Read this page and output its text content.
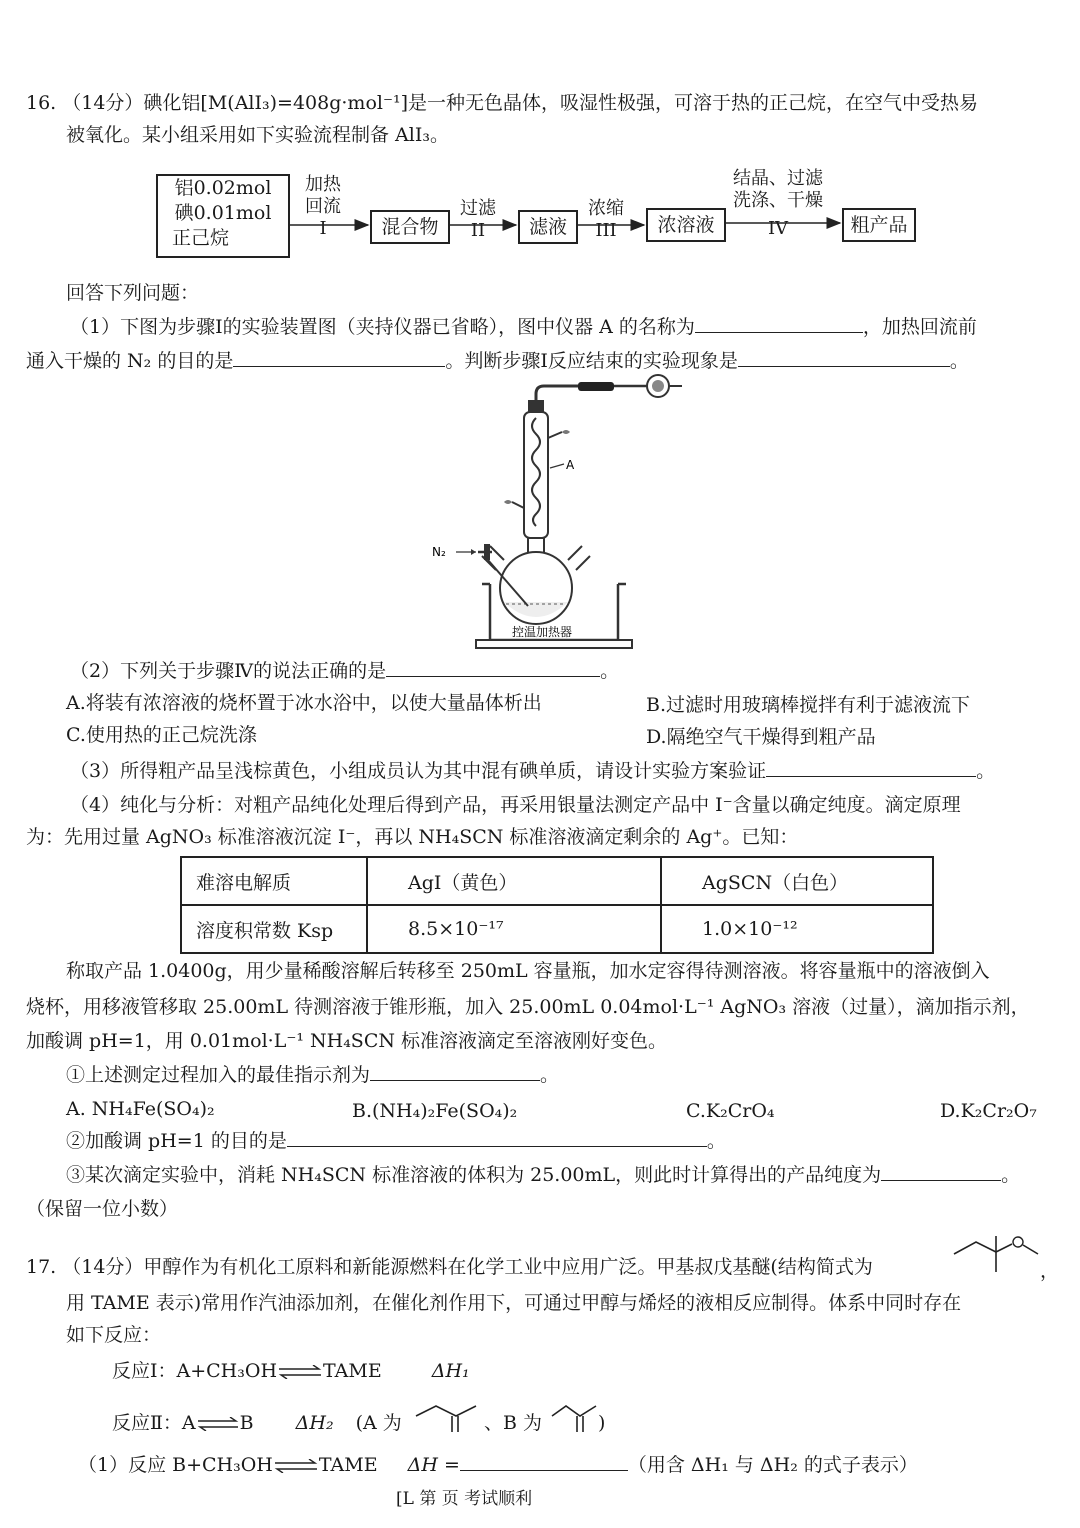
16. （14分）碘化铝[M(AlI₃)=408g·mol⁻¹]是一种无色晶体，吸湿性极强，可溶于热的正己烷，在空气中受热易
被氧化。某小组采用如下实验流程制备 AlI₃。
铝0.02mol
碘0.01mol
正己烷
加热
回流
I	混合物
过滤
II	滤液
浓缩
III	浓溶液
结晶、过滤
洗涤、干燥
IV	粗产品
回答下列问题：
（1）下图为步骤Ⅰ的实验装置图（夹持仪器已省略），图中仪器 A 的名称为	，加热回流前
通入干燥的 N₂ 的目的是	。判断步骤Ⅰ反应结束的实验现象是	。
A
N₂
控温加热器
（2）下列关于步骤Ⅳ的说法正确的是	。
A.将装有浓溶液的烧杯置于冰水浴中，以使大量晶体析出	B.过滤时用玻璃棒搅拌有利于滤液流下
C.使用热的正己烷洗涤	D.隔绝空气干燥得到粗产品
（3）所得粗产品呈浅棕黄色，小组成员认为其中混有碘单质，请设计实验方案验证	。
（4）纯化与分析：对粗产品纯化处理后得到产品，再采用银量法测定产品中 I⁻含量以确定纯度。滴定原理
为：先用过量 AgNO₃ 标准溶液沉淀 I⁻，再以 NH₄SCN 标准溶液滴定剩余的 Ag⁺。已知：
难溶电解质	AgI（黄色）	AgSCN（白色）
溶度积常数 Ksp	8.5×10⁻¹⁷	1.0×10⁻¹²
称取产品 1.0400g，用少量稀酸溶解后转移至 250mL 容量瓶，加水定容得待测溶液。将容量瓶中的溶液倒入
烧杯，用移液管移取 25.00mL 待测溶液于锥形瓶，加入 25.00mL 0.04mol·L⁻¹ AgNO₃ 溶液（过量），滴加指示剂，
加酸调 pH=1，用 0.01mol·L⁻¹ NH₄SCN 标准溶液滴定至溶液刚好变色。
①上述测定过程加入的最佳指示剂为	。
A. NH₄Fe(SO₄)₂	B.(NH₄)₂Fe(SO₄)₂	C.K₂CrO₄	D.K₂Cr₂O₇
②加酸调 pH=1 的目的是	。
③某次滴定实验中，消耗 NH₄SCN 标准溶液的体积为 25.00mL，则此时计算得出的产品纯度为	。
（保留一位小数）
17. （14分）甲醇作为有机化工原料和新能源燃料在化学工业中应用广泛。甲基叔戊基醚(结构简式为	，
用 TAME 表示)常用作汽油添加剂，在催化剂作用下，可通过甲醇与烯烃的液相反应制得。体系中同时存在
如下反应：
反应Ⅰ：A+CH₃OH⇌TAME	ΔH₁
反应Ⅱ：A⇌B ΔH₂ (A 为	、B 为	)
（1）反应 B+CH₃OH⇌TAME ΔH =	（用含 ΔH₁ 与 ΔH₂ 的式子表示）
[L 第 页 考试顺利
